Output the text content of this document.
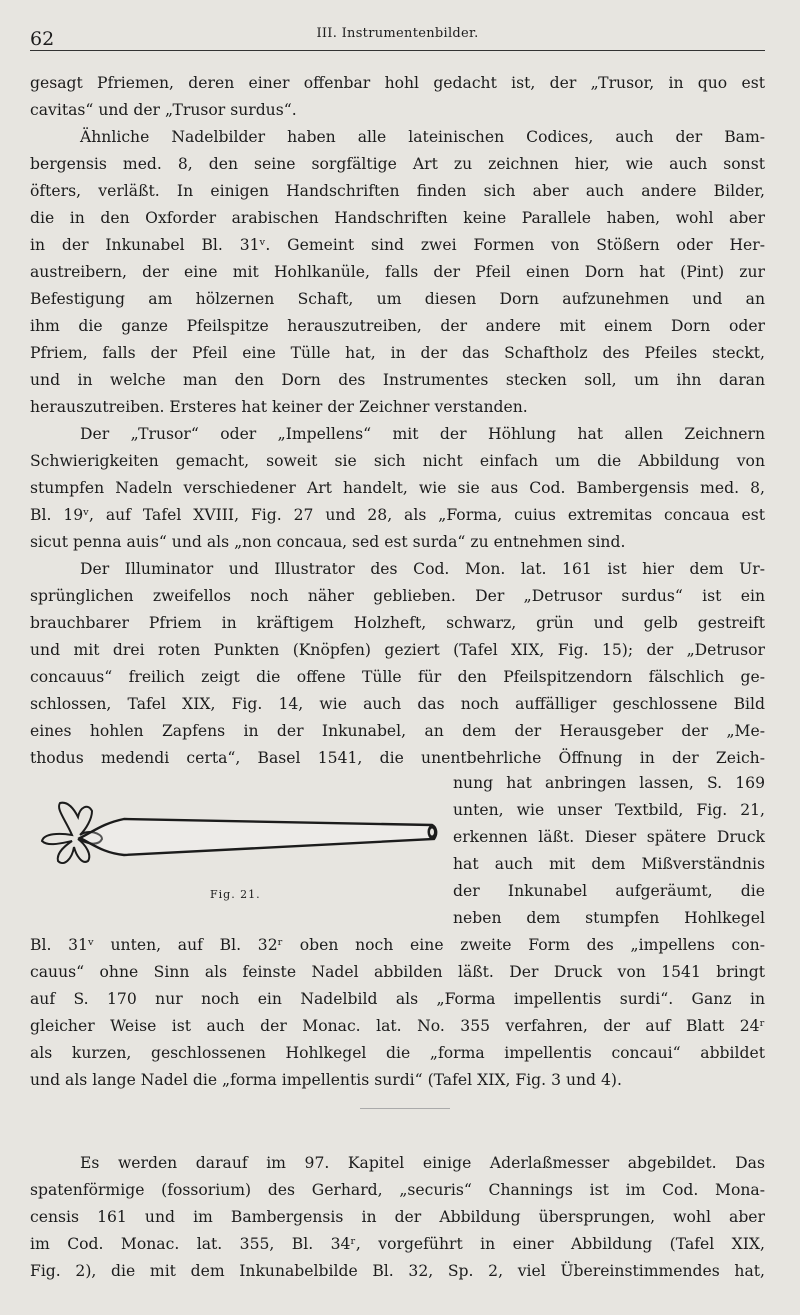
62	III. Instrumentenbilder.
gesagt Pfriemen, deren einer offenbar hohl gedacht ist, der „Trusor, in quo est
cavitas“ und der „Trusor surdus“.
Ähnliche Nadelbilder haben alle lateinischen Codices, auch der Bam-
bergensis med. 8, den seine sorgfältige Art zu zeichnen hier, wie auch sonst
öfters, verläßt. In einigen Handschriften finden sich aber auch andere Bilder,
die in den Oxforder arabischen Handschriften keine Parallele haben, wohl aber
in der Inkunabel Bl. 31ᵛ. Gemeint sind zwei Formen von Stößern oder Her-
austreibern, der eine mit Hohlkanüle, falls der Pfeil einen Dorn hat (Pint) zur
Befestigung am hölzernen Schaft, um diesen Dorn aufzunehmen und an
ihm die ganze Pfeilspitze herauszutreiben, der andere mit einem Dorn oder
Pfriem, falls der Pfeil eine Tülle hat, in der das Schaftholz des Pfeiles steckt,
und in welche man den Dorn des Instrumentes stecken soll, um ihn daran
herauszutreiben. Ersteres hat keiner der Zeichner verstanden.
Der „Trusor“ oder „Impellens“ mit der Höhlung hat allen Zeichnern
Schwierigkeiten gemacht, soweit sie sich nicht einfach um die Abbildung von
stumpfen Nadeln verschiedener Art handelt, wie sie aus Cod. Bambergensis med. 8,
Bl. 19ᵛ, auf Tafel XVIII, Fig. 27 und 28, als „Forma, cuius extremitas concaua est
sicut penna auis“ und als „non concaua, sed est surda“ zu entnehmen sind.
Der Illuminator und Illustrator des Cod. Mon. lat. 161 ist hier dem Ur-
sprünglichen zweifellos noch näher geblieben. Der „Detrusor surdus“ ist ein
brauchbarer Pfriem in kräftigem Holzheft, schwarz, grün und gelb gestreift
und mit drei roten Punkten (Knöpfen) geziert (Tafel XIX, Fig. 15); der „Detrusor
concauus“ freilich zeigt die offene Tülle für den Pfeilspitzendorn fälschlich ge-
schlossen, Tafel XIX, Fig. 14, wie auch das noch auffälliger geschlossene Bild
eines hohlen Zapfens in der Inkunabel, an dem der Herausgeber der „Me-
thodus medendi certa“, Basel 1541, die unentbehrliche Öffnung in der Zeich-
Fig. 21.
nung hat anbringen lassen, S. 169
unten, wie unser Textbild, Fig. 21,
erkennen läßt. Dieser spätere Druck
hat auch mit dem Mißverständnis
der Inkunabel aufgeräumt, die
neben dem stumpfen Hohlkegel
Bl. 31ᵛ unten, auf Bl. 32ʳ oben noch eine zweite Form des „impellens con-
cauus“ ohne Sinn als feinste Nadel abbilden läßt. Der Druck von 1541 bringt
auf S. 170 nur noch ein Nadelbild als „Forma impellentis surdi“. Ganz in
gleicher Weise ist auch der Monac. lat. No. 355 verfahren, der auf Blatt 24ʳ
als kurzen, geschlossenen Hohlkegel die „forma impellentis concaui“ abbildet
und als lange Nadel die „forma impellentis surdi“ (Tafel XIX, Fig. 3 und 4).
Es werden darauf im 97. Kapitel einige Aderlaßmesser abgebildet. Das
spatenförmige (fossorium) des Gerhard, „securis“ Channings ist im Cod. Mona-
censis 161 und im Bambergensis in der Abbildung übersprungen, wohl aber
im Cod. Monac. lat. 355, Bl. 34ʳ, vorgeführt in einer Abbildung (Tafel XIX,
Fig. 2), die mit dem Inkunabelbilde Bl. 32, Sp. 2, viel Übereinstimmendes hat,
